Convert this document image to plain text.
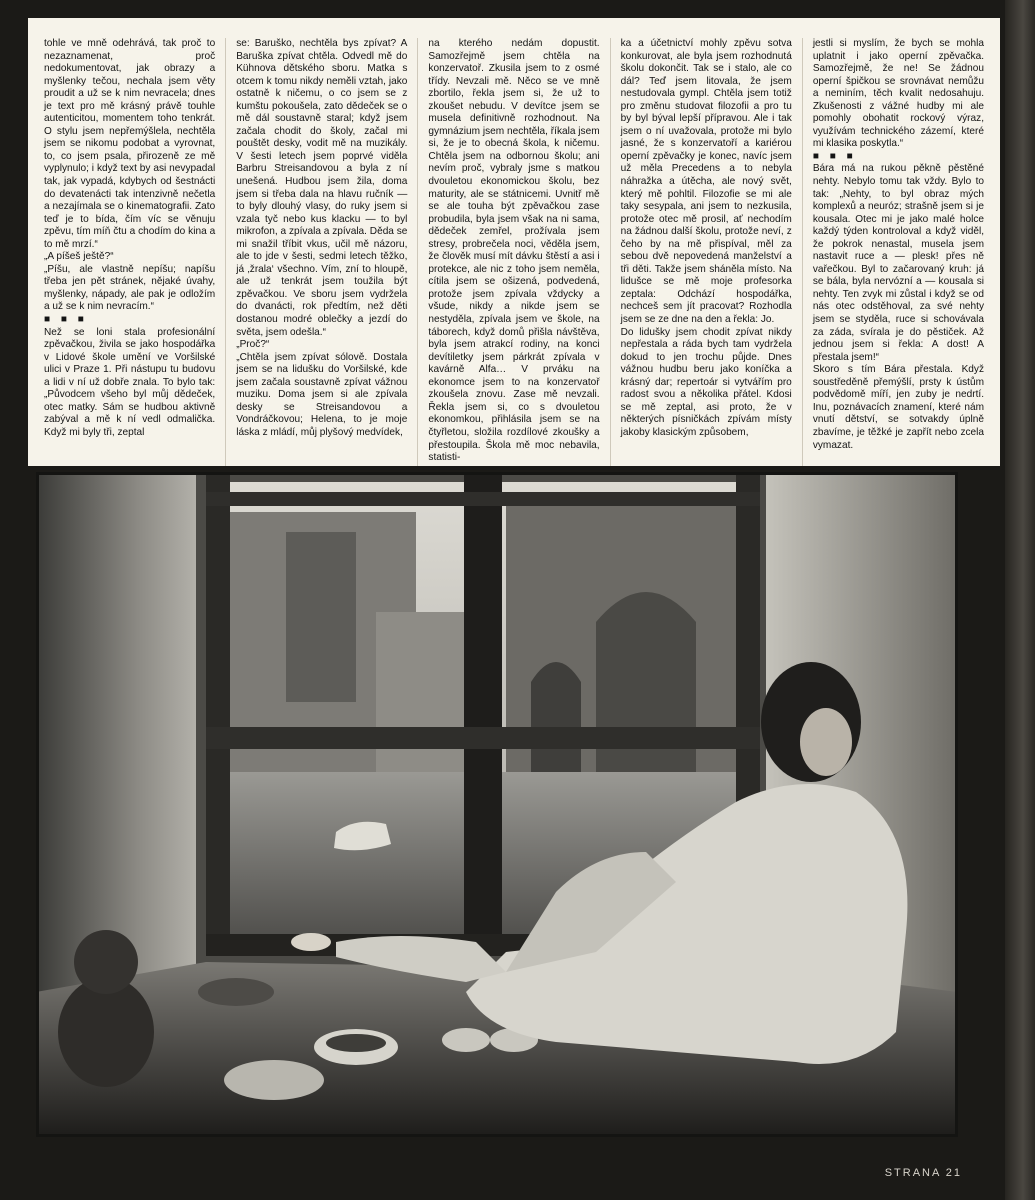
tohle ve mně odehrává, tak proč to nezaznamenat, proč nedokumentovat, jak obrazy a myšlenky tečou, nechala jsem věty proudit a už se k nim nevracela; dnes je text pro mě krásný právě touhle autenticitou, momentem toho tenkrát. O stylu jsem nepřemýšlela, nechtěla jsem se nikomu podobat a vyrovnat, to, co jsem psala, přirozeně ze mě vyplynulo; i když text by asi nevypadal tak, jak vypadá, kdybych od šestnácti do devatenácti tak intenzivně nečetla a nezajímala se o kinematografii. Zato teď je to bída, čím víc se věnuju zpěvu, tím míň čtu a chodím do kina a to mě mrzí.“

„A píšeš ještě?“

„Píšu, ale vlastně nepíšu; napíšu třeba jen pět stránek, nějaké úvahy, myšlenky, nápady, ale pak je odložím a už se k nim nevracím.“

■ ■ ■

Než se loni stala profesionální zpěvačkou, živila se jako hospodářka v Lidové škole umění ve Voršilské ulici v Praze 1. Při nástupu tu budovu a lidi v ní už dobře znala. To bylo tak: „Původcem všeho byl můj dědeček, otec matky. Sám se hudbou aktivně zabýval a mě k ní vedl odmalička. Když mi byly tři, zeptal

se: Baruško, nechtěla bys zpívat? A Baruška zpívat chtěla. Odvedl mě do Kühnova dětského sboru. Matka s otcem k tomu nikdy neměli vztah, jako ostatně k ničemu, o co jsem se z kumštu pokoušela, zato dědeček se o mě dál soustavně staral; když jsem začala chodit do školy, začal mi pouštět desky, vodit mě na muzikály. V šesti letech jsem poprvé viděla Barbru Streisandovou a byla z ní unešená. Hudbou jsem žila, doma jsem si třeba dala na hlavu ručník — to byly dlouhý vlasy, do ruky jsem si vzala tyč nebo kus klacku — to byl mikrofon, a zpívala a zpívala. Děda se mi snažil tříbit vkus, učil mě názoru, ale to jde v šesti, sedmi letech těžko, já ‚žrala‘ všechno. Vím, zní to hloupě, ale už tenkrát jsem toužila být zpěvačkou. Ve sboru jsem vydržela do dvanácti, rok předtím, než děti dostanou modré oblečky a jezdí do světa, jsem odešla.“

„Proč?“

„Chtěla jsem zpívat sólově. Dostala jsem se na lidušku do Voršilské, kde jsem začala soustavně zpívat vážnou muziku. Doma jsem si ale zpívala desky se Streisandovou a Vondráčkovou; Helena, to je moje láska z mládí, můj plyšový medvídek,

na kterého nedám dopustit. Samozřejmě jsem chtěla na konzervatoř. Zkusila jsem to z osmé třídy. Nevzali mě. Něco se ve mně zbortilo, řekla jsem si, že už to zkoušet nebudu. V devítce jsem se musela definitivně rozhodnout. Na gymnázium jsem nechtěla, říkala jsem si, že je to obecná škola, k ničemu. Chtěla jsem na odbornou školu; ani nevím proč, vybraly jsme s matkou dvouletou ekonomickou školu, bez maturity, ale se státnicemi. Uvnitř mě se ale touha být zpěvačkou zase probudila, byla jsem však na ni sama, dědeček zemřel, prožívala jsem stresy, probrečela noci, věděla jsem, že člověk musí mít dávku štěstí a asi i protekce, ale nic z toho jsem neměla, cítila jsem se ošizená, podvedená, protože jsem zpívala vždycky a všude, nikdy a nikde jsem se nestyděla, zpívala jsem ve škole, na táborech, když domů přišla návštěva, byla jsem atrakcí rodiny, na konci devítiletky jsem párkrát zpívala v kavárně Alfa… V prváku na ekonomce jsem to na konzervatoř zkoušela znovu. Zase mě nevzali. Řekla jsem si, co s dvouletou ekonomkou, přihlásila jsem se na čtyřletou, složila rozdílové zkoušky a přestoupila. Škola mě moc nebavila, statisti-

ka a účetnictví mohly zpěvu sotva konkurovat, ale byla jsem rozhodnutá školu dokončit. Tak se i stalo, ale co dál? Teď jsem litovala, že jsem nestudovala gympl. Chtěla jsem totiž pro změnu studovat filozofii a pro tu by byl býval lepší přípravou. Ale i tak jsem o ní uvažovala, protože mi bylo jasné, že s konzervatoří a kariérou operní zpěvačky je konec, navíc jsem už měla Precedens a to nebyla náhražka a útěcha, ale nový svět, který mě pohltil. Filozofie se mi ale taky sesypala, ani jsem to nezkusila, protože otec mě prosil, ať nechodím na žádnou další školu, protože neví, z čeho by na mě přispíval, měl za sebou dvě nepovedená manželství a tři děti. Takže jsem sháněla místo. Na lidušce se mě moje profesorka zeptala: Odchází hospodářka, nechceš sem jít pracovat? Rozhodla jsem se ze dne na den a řekla: Jo.

Do lidušky jsem chodit zpívat nikdy nepřestala a ráda bych tam vydržela dokud to jen trochu půjde. Dnes vážnou hudbu beru jako koníčka a krásný dar; repertoár si vytvářím pro radost svou a několika přátel. Kdosi se mě zeptal, asi proto, že v některých písničkách zpívám místy jakoby klasickým způsobem,

jestli si myslím, že bych se mohla uplatnit i jako operní zpěvačka. Samozřejmě, že ne! Se žádnou operní špičkou se srovnávat nemůžu a neminím, těch kvalit nedosahuju. Zkušenosti z vážné hudby mi ale pomohly obohatit rockový výraz, využívám technického zázemí, které mi klasika poskytla.“

■ ■ ■

Bára má na rukou pěkně pěstěné nehty. Nebylo tomu tak vždy. Bylo to tak: „Nehty, to byl obraz mých komplexů a neuróz; strašně jsem si je kousala. Otec mi je jako malé holce každý týden kontroloval a když viděl, že pokrok nenastal, musela jsem nastavit ruce a — plesk! přes ně vařečkou. Byl to začarovaný kruh: já se bála, byla nervózní a — kousala si nehty. Ten zvyk mi zůstal i když se od nás otec odstěhoval, za své nehty jsem se styděla, ruce si schovávala za záda, svírala je do pěstiček. Až jednou jsem si řekla: A dost! A přestala jsem!“

Skoro s tím Bára přestala. Když soustředěně přemýšlí, prsty k ústům podvědomě míří, jen zuby je nedrtí. Inu, poznávacích znamení, které nám vnutí dětství, se sotvakdy úplně zbavíme, je těžké je zapřít nebo zcela vymazat.

STRANA 21
